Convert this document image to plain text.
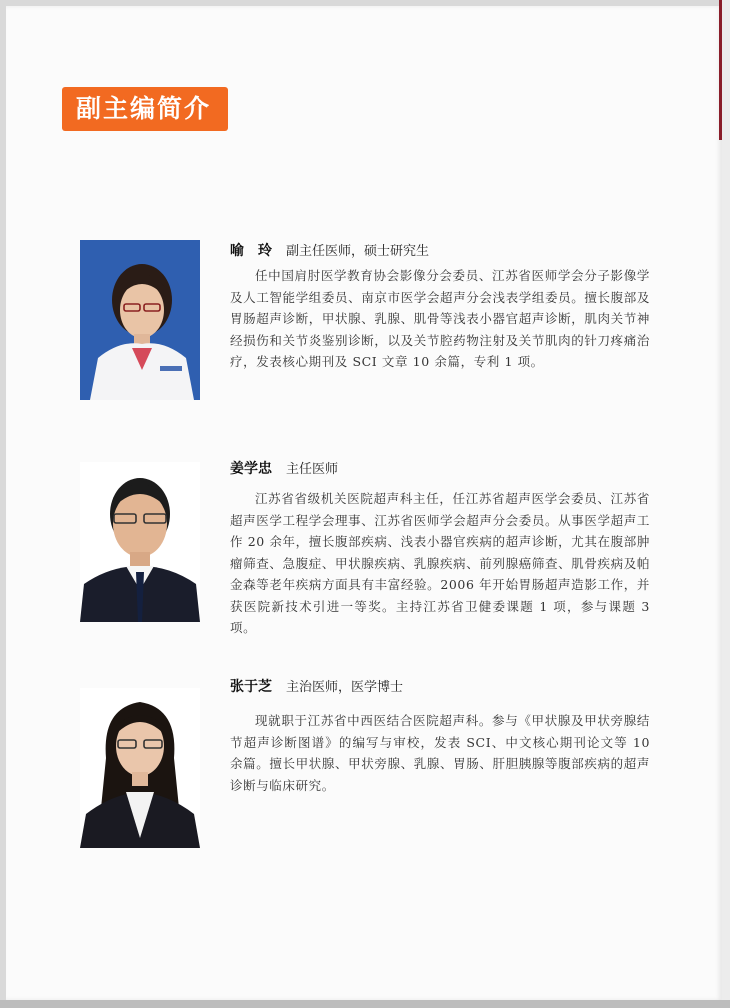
副主编简介
喻　玲 副主任医师，硕士研究生
任中国肩肘医学教育协会影像分会委员、江苏省医师学会分子影像学及人工智能学组委员、南京市医学会超声分会浅表学组委员。擅长腹部及胃肠超声诊断，甲状腺、乳腺、肌骨等浅表小器官超声诊断，肌肉关节神经损伤和关节炎鉴别诊断，以及关节腔药物注射及关节肌肉的针刀疼痛治疗，发表核心期刊及 SCI 文章 10 余篇，专利 1 项。
姜学忠 主任医师
江苏省省级机关医院超声科主任，任江苏省超声医学会委员、江苏省超声医学工程学会理事、江苏省医师学会超声分会委员。从事医学超声工作 20 余年，擅长腹部疾病、浅表小器官疾病的超声诊断，尤其在腹部肿瘤筛查、急腹症、甲状腺疾病、乳腺疾病、前列腺癌筛查、肌骨疾病及帕金森等老年疾病方面具有丰富经验。2006 年开始胃肠超声造影工作，并获医院新技术引进一等奖。主持江苏省卫健委课题 1 项，参与课题 3 项。
张于芝 主治医师，医学博士
现就职于江苏省中西医结合医院超声科。参与《甲状腺及甲状旁腺结节超声诊断图谱》的编写与审校，发表 SCI、中文核心期刊论文等 10 余篇。擅长甲状腺、甲状旁腺、乳腺、胃肠、肝胆胰腺等腹部疾病的超声诊断与临床研究。
